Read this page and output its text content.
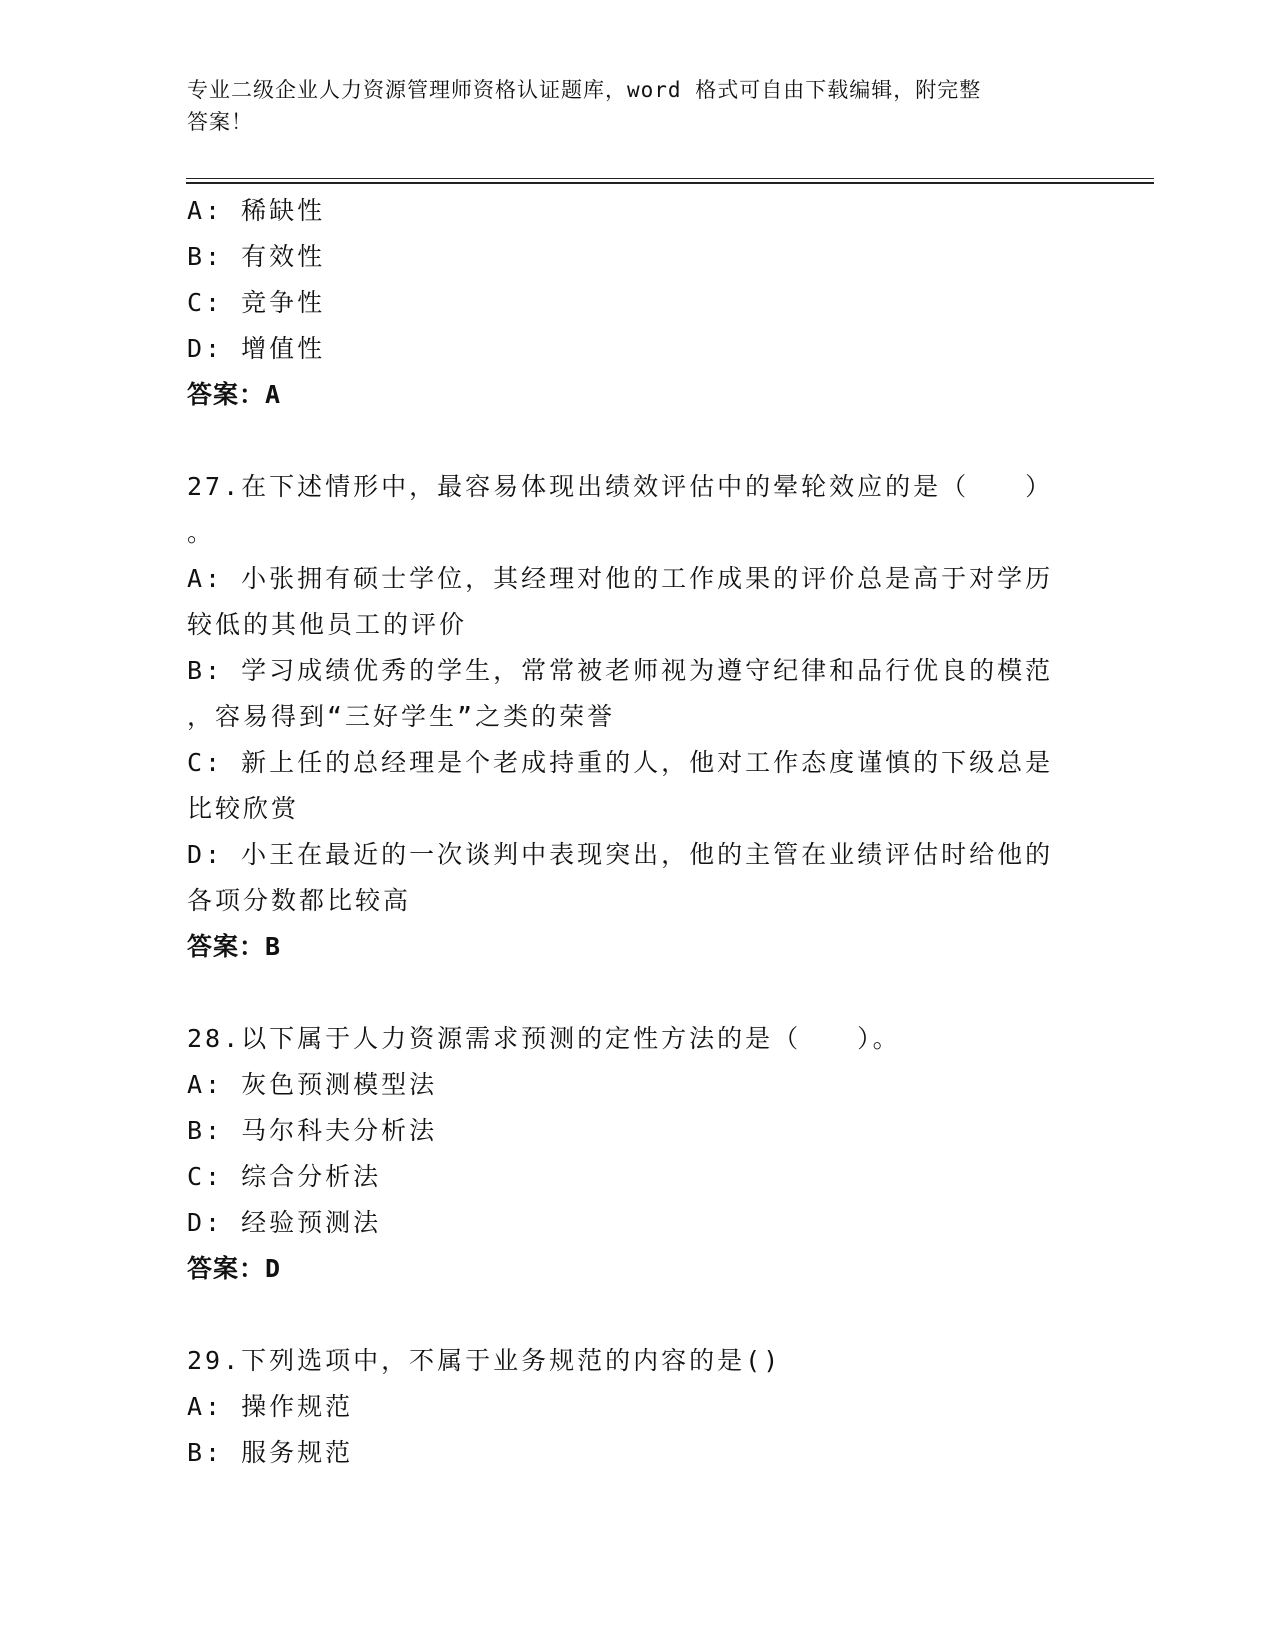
专业二级企业人力资源管理师资格认证题库，word 格式可自由下载编辑，附完整
答案！
A: 稀缺性
B: 有效性
C: 竞争性
D: 增值性
答案：A
27.在下述情形中，最容易体现出绩效评估中的晕轮效应的是（　　）
。
A: 小张拥有硕士学位，其经理对他的工作成果的评价总是高于对学历
较低的其他员工的评价
B: 学习成绩优秀的学生，常常被老师视为遵守纪律和品行优良的模范
，容易得到“三好学生”之类的荣誉
C: 新上任的总经理是个老成持重的人，他对工作态度谨慎的下级总是
比较欣赏
D: 小王在最近的一次谈判中表现突出，他的主管在业绩评估时给他的
各项分数都比较高
答案：B
28.以下属于人力资源需求预测的定性方法的是（　　）。
A: 灰色预测模型法
B: 马尔科夫分析法
C: 综合分析法
D: 经验预测法
答案：D
29.下列选项中，不属于业务规范的内容的是()
A: 操作规范
B: 服务规范
